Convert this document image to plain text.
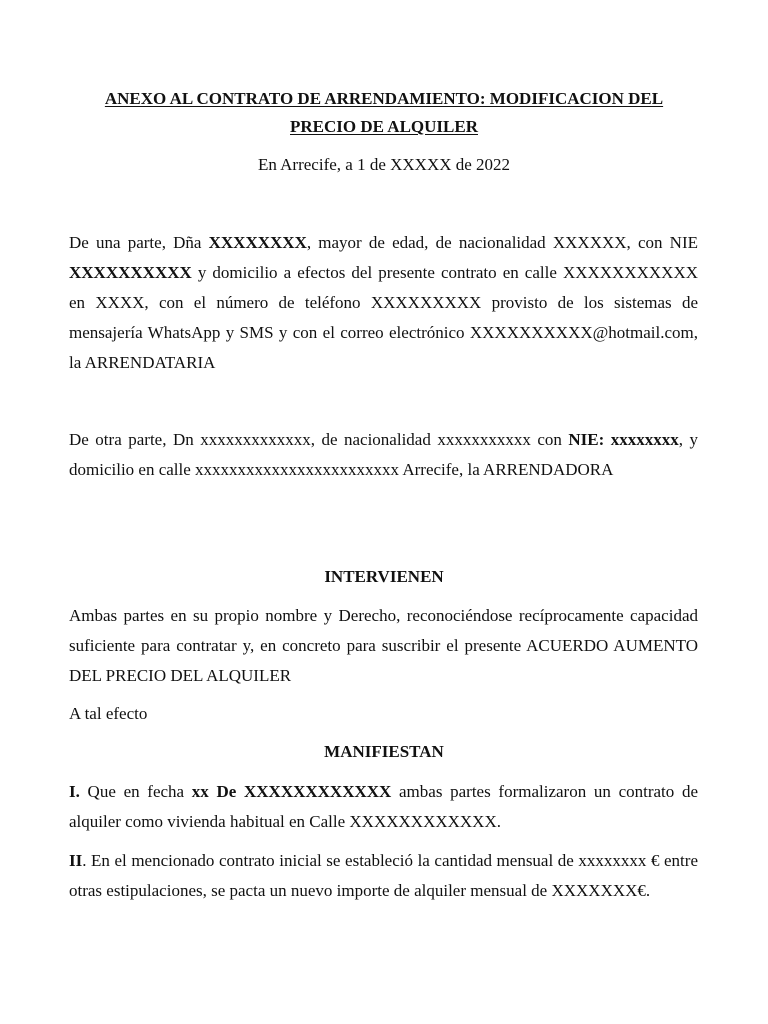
ANEXO AL CONTRATO DE ARRENDAMIENTO: MODIFICACION DEL

PRECIO DE ALQUILER

En Arrecife, a 1 de XXXXX de 2022

De una parte, Dña XXXXXXXX, mayor de edad, de nacionalidad XXXXXX, con NIE XXXXXXXXXX y domicilio a efectos del presente contrato en calle XXXXXXXXXXX en XXXX, con el número de teléfono XXXXXXXXX provisto de los sistemas de mensajería WhatsApp y SMS y con el correo electrónico XXXXXXXXXX@hotmail.com, la ARRENDATARIA

De otra parte, Dn xxxxxxxxxxxxx, de nacionalidad xxxxxxxxxxx con NIE: xxxxxxxx, y domicilio en calle xxxxxxxxxxxxxxxxxxxxxxxx Arrecife, la ARRENDADORA

INTERVIENEN

Ambas partes en su propio nombre y Derecho, reconociéndose recíprocamente capacidad suficiente para contratar y, en concreto para suscribir el presente ACUERDO AUMENTO DEL PRECIO DEL ALQUILER

A tal efecto

MANIFIESTAN

I. Que en fecha xx De XXXXXXXXXXXX ambas partes formalizaron un contrato de alquiler como vivienda habitual en Calle XXXXXXXXXXXX.

II. En el mencionado contrato inicial se estableció la cantidad mensual de xxxxxxxx € entre otras estipulaciones, se pacta un nuevo importe de alquiler mensual de XXXXXXX€.
